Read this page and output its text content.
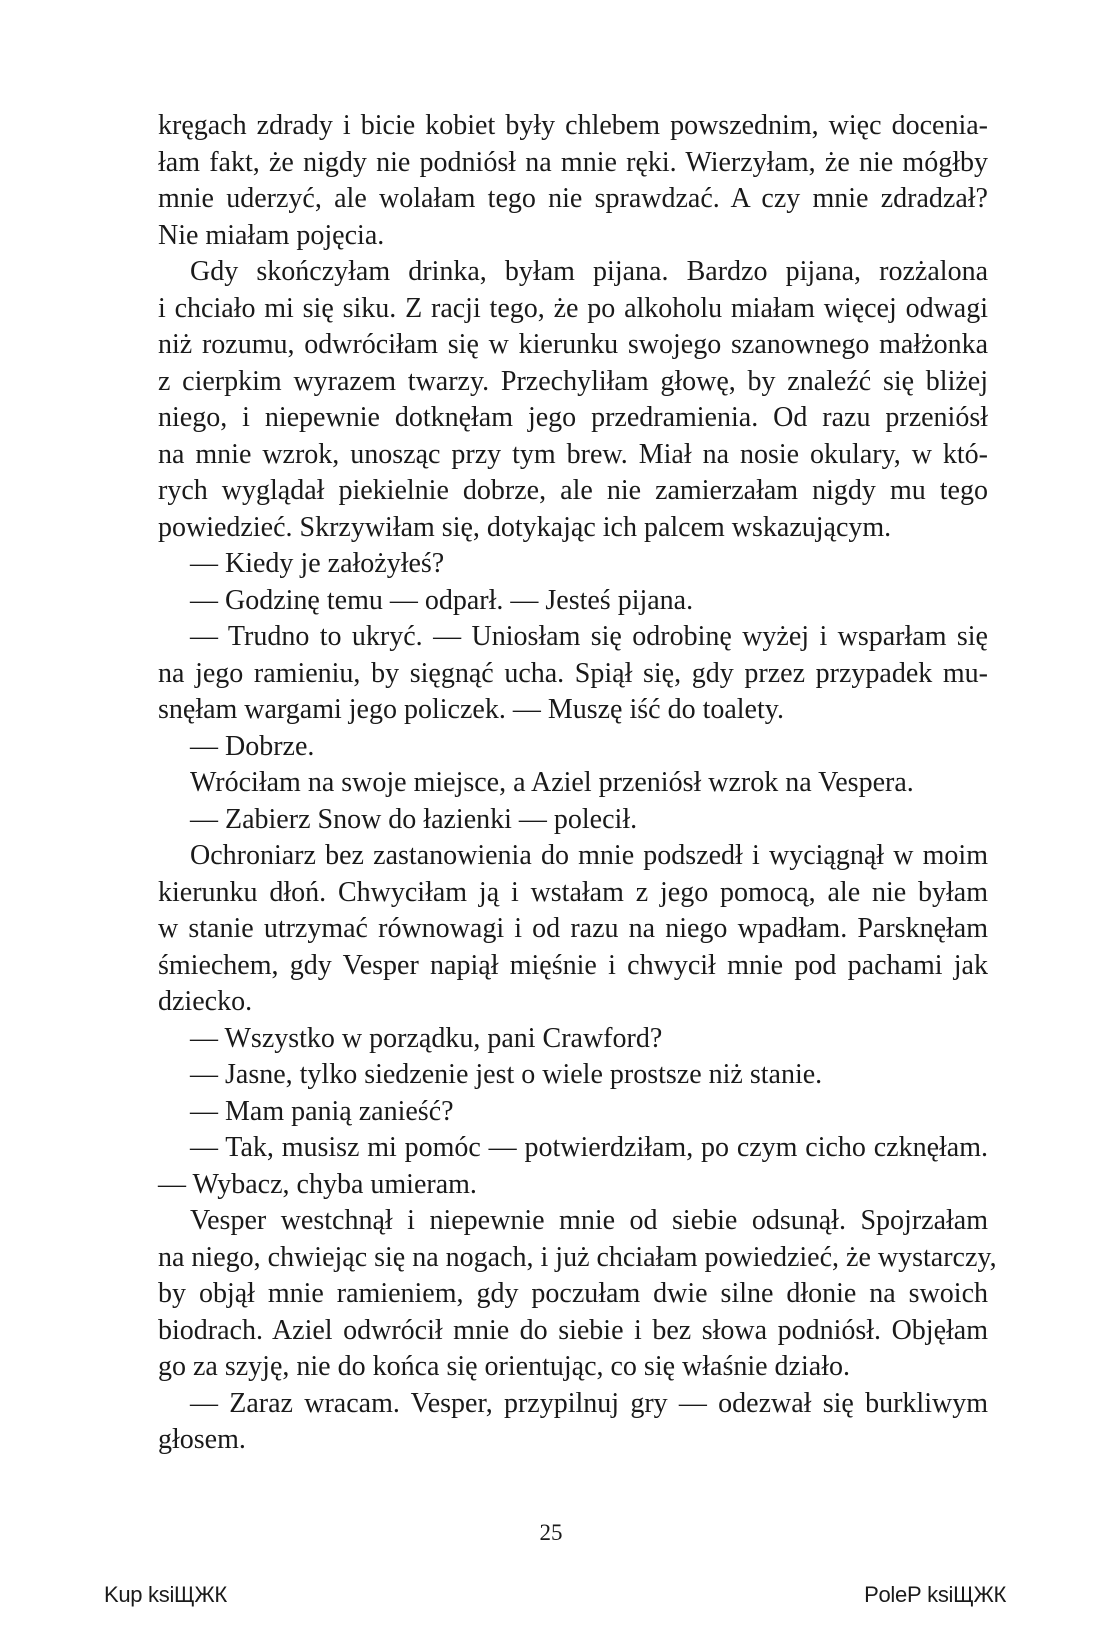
kręgach zdrady i bicie kobiet były chlebem powszednim, więc docenia-
łam fakt, że nigdy nie podniósł na mnie ręki. Wierzyłam, że nie mógłby
mnie uderzyć, ale wolałam tego nie sprawdzać. A czy mnie zdradzał?
Nie miałam pojęcia.
Gdy skończyłam drinka, byłam pijana. Bardzo pijana, rozżalona
i chciało mi się siku. Z racji tego, że po alkoholu miałam więcej odwagi
niż rozumu, odwróciłam się w kierunku swojego szanownego małżonka
z cierpkim wyrazem twarzy. Przechyliłam głowę, by znaleźć się bliżej
niego, i niepewnie dotknęłam jego przedramienia. Od razu przeniósł
na mnie wzrok, unosząc przy tym brew. Miał na nosie okulary, w któ-
rych wyglądał piekielnie dobrze, ale nie zamierzałam nigdy mu tego
powiedzieć. Skrzywiłam się, dotykając ich palcem wskazującym.
— Kiedy je założyłeś?
— Godzinę temu — odparł. — Jesteś pijana.
— Trudno to ukryć. — Uniosłam się odrobinę wyżej i wsparłam się
na jego ramieniu, by sięgnąć ucha. Spiął się, gdy przez przypadek mu-
snęłam wargami jego policzek. — Muszę iść do toalety.
— Dobrze.
Wróciłam na swoje miejsce, a Aziel przeniósł wzrok na Vespera.
— Zabierz Snow do łazienki — polecił.
Ochroniarz bez zastanowienia do mnie podszedł i wyciągnął w moim
kierunku dłoń. Chwyciłam ją i wstałam z jego pomocą, ale nie byłam
w stanie utrzymać równowagi i od razu na niego wpadłam. Parsknęłam
śmiechem, gdy Vesper napiął mięśnie i chwycił mnie pod pachami jak
dziecko.
— Wszystko w porządku, pani Crawford?
— Jasne, tylko siedzenie jest o wiele prostsze niż stanie.
— Mam panią zanieść?
— Tak, musisz mi pomóc — potwierdziłam, po czym cicho czknęłam.
— Wybacz, chyba umieram.
Vesper westchnął i niepewnie mnie od siebie odsunął. Spojrzałam
na niego, chwiejąc się na nogach, i już chciałam powiedzieć, że wystarczy,
by objął mnie ramieniem, gdy poczułam dwie silne dłonie na swoich
biodrach. Aziel odwrócił mnie do siebie i bez słowa podniósł. Objęłam
go za szyję, nie do końca się orientując, co się właśnie działo.
— Zaraz wracam. Vesper, przypilnuj gry — odezwał się burkliwym
głosem.
25
Kup ksiЩЖК	PoleР ksiЩЖК
